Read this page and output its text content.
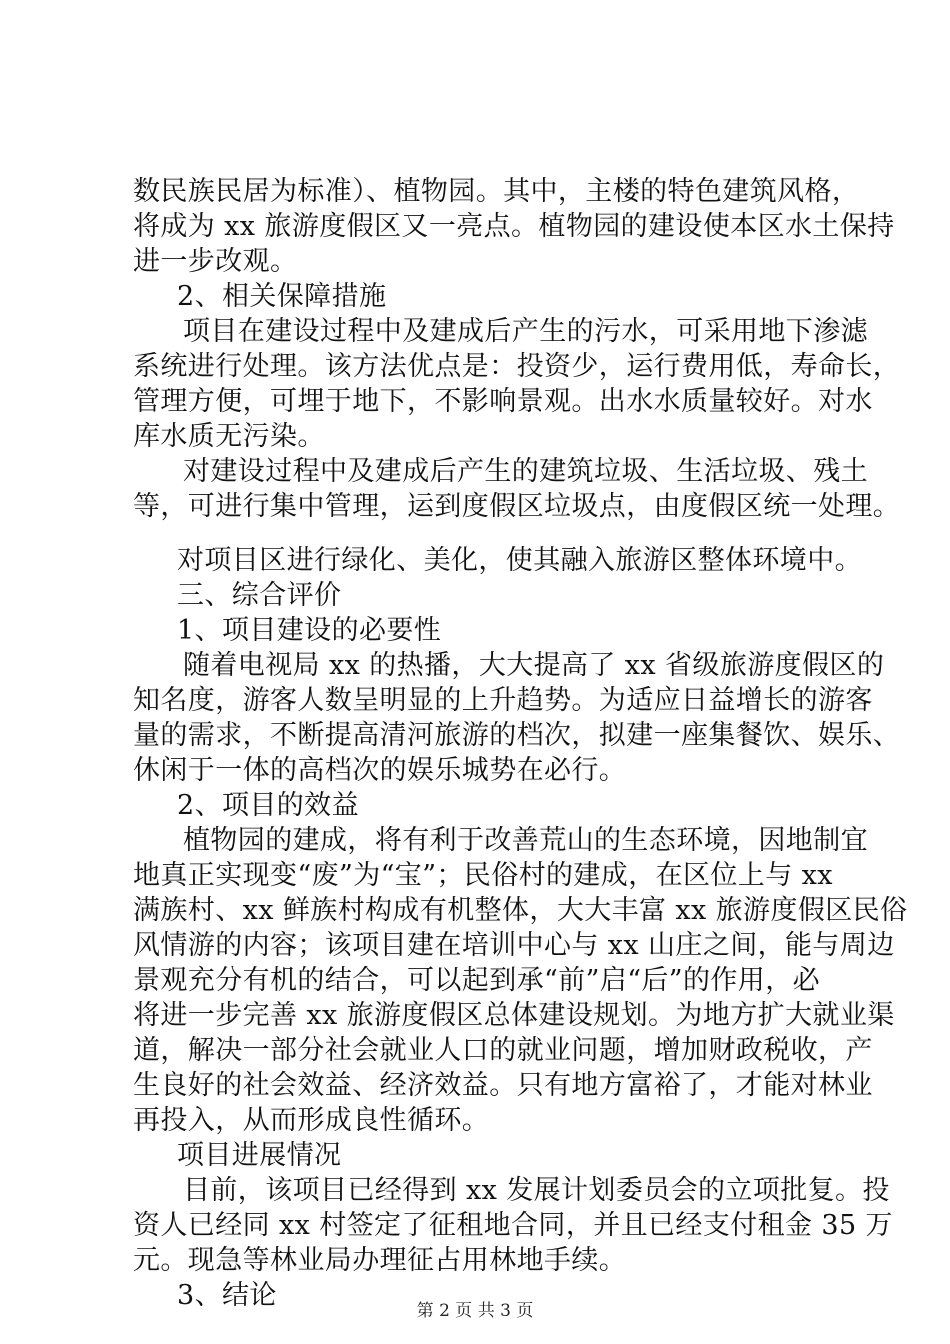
数民族民居为标准）、植物园。其中，主楼的特色建筑风格，
将成为 xx 旅游度假区又一亮点。植物园的建设使本区水土保持
进一步改观。
2、相关保障措施
项目在建设过程中及建成后产生的污水，可采用地下渗滤
系统进行处理。该方法优点是：投资少，运行费用低，寿命长，
管理方便，可埋于地下，不影响景观。出水水质量较好。对水
库水质无污染。
对建设过程中及建成后产生的建筑垃圾、生活垃圾、残土
等，可进行集中管理，运到度假区垃圾点，由度假区统一处理。
对项目区进行绿化、美化，使其融入旅游区整体环境中。
三、综合评价
1、项目建设的必要性
随着电视局 xx 的热播，大大提高了 xx 省级旅游度假区的
知名度，游客人数呈明显的上升趋势。为适应日益增长的游客
量的需求，不断提高清河旅游的档次，拟建一座集餐饮、娱乐、
休闲于一体的高档次的娱乐城势在必行。
2、项目的效益
植物园的建成，将有利于改善荒山的生态环境，因地制宜
地真正实现变“废”为“宝”；民俗村的建成，在区位上与 xx
满族村、xx 鲜族村构成有机整体，大大丰富 xx 旅游度假区民俗
风情游的内容；该项目建在培训中心与 xx 山庄之间，能与周边
景观充分有机的结合，可以起到承“前”启“后”的作用，必
将进一步完善 xx 旅游度假区总体建设规划。为地方扩大就业渠
道，解决一部分社会就业人口的就业问题，增加财政税收，产
生良好的社会效益、经济效益。只有地方富裕了，才能对林业
再投入，从而形成良性循环。
项目进展情况
目前，该项目已经得到 xx 发展计划委员会的立项批复。投
资人已经同 xx 村签定了征租地合同，并且已经支付租金 35 万
元。现急等林业局办理征占用林地手续。
3、结论	第 2 页 共 3 页
